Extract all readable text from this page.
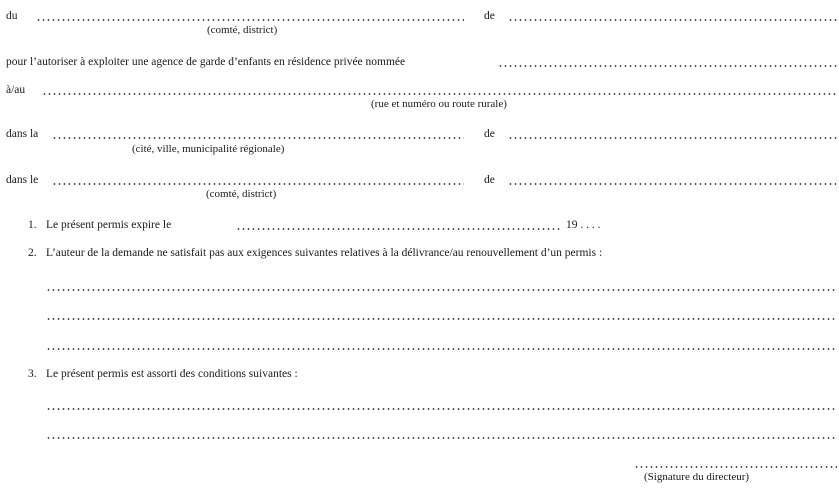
du	de
(comté, district)
pour l’autoriser à exploiter une agence de garde d’enfants en résidence privée nommée
à/au
(rue et numéro ou route rurale)
dans la	de
(cité, ville, municipalité régionale)
dans le	de
(comté, district)
1. Le présent permis expire le	19 . . . .
2. L’auteur de la demande ne satisfait pas aux exigences suivantes relatives à la délivrance/au renouvellement d’un permis :
3. Le présent permis est assorti des conditions suivantes :
(Signature du directeur)
